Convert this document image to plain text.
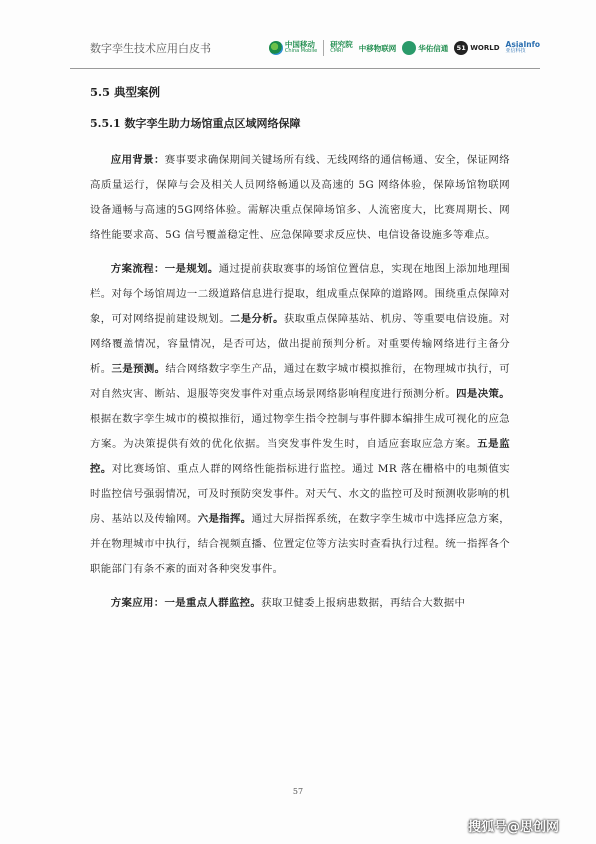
数字孪生技术应用白皮书	中国移动
China Mobile
研究院
CMRI	中移物联网	华佑信通	51 WORLD AsiaInfo
亚信科技
5.5 典型案例
5.5.1 数字孪生助力场馆重点区域网络保障

应用背景：赛事要求确保期间关键场所有线、无线网络的通信畅通、安全，保证网络高质量运行，保障与会及相关人员网络畅通以及高速的 5G 网络体验，保障场馆物联网设备通畅与高速的5G网络体验。需解决重点保障场馆多、人流密度大，比赛周期长、网络性能要求高、5G 信号覆盖稳定性、应急保障要求反应快、电信设备设施多等难点。

方案流程：一是规划。通过提前获取赛事的场馆位置信息，实现在地图上添加地理围栏。对每个场馆周边一二级道路信息进行提取，组成重点保障的道路网。围绕重点保障对象，可对网络提前建设规划。二是分析。获取重点保障基站、机房、等重要电信设施。对网络覆盖情况，容量情况，是否可达，做出提前预判分析。对重要传输网络进行主备分析。三是预测。结合网络数字孪生产品，通过在数字城市模拟推衍，在物理城市执行，可对自然灾害、断站、退服等突发事件对重点场景网络影响程度进行预测分析。四是决策。根据在数字孪生城市的模拟推衍，通过物孪生指令控制与事件脚本编排生成可视化的应急方案。为决策提供有效的优化依据。当突发事件发生时，自适应套取应急方案。五是监控。对比赛场馆、重点人群的网络性能指标进行监控。通过 MR 落在栅格中的电频值实时监控信号强弱情况，可及时预防突发事件。对天气、水文的监控可及时预测收影响的机房、基站以及传输网。六是指挥。通过大屏指挥系统，在数字孪生城市中选择应急方案，并在物理城市中执行，结合视频直播、位置定位等方法实时查看执行过程。统一指挥各个职能部门有条不紊的面对各种突发事件。

方案应用：一是重点人群监控。获取卫健委上报病患数据，再结合大数据中

57
搜狐号@思创网
